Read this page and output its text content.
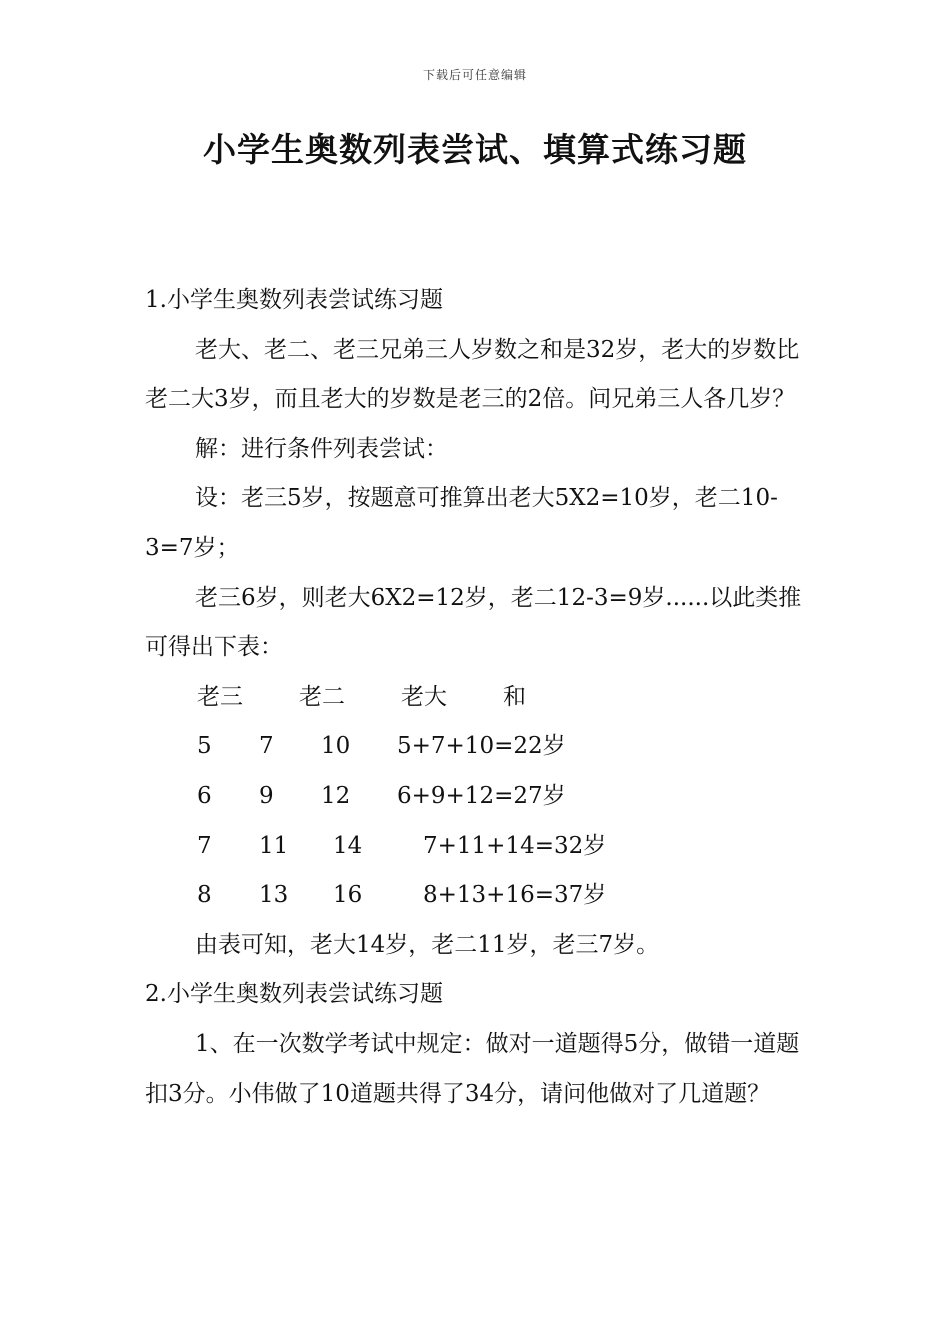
下载后可任意编辑
小学生奥数列表尝试、填算式练习题

1.小学生奥数列表尝试练习题

老大、老二、老三兄弟三人岁数之和是32岁，老大的岁数比老二大3岁，而且老大的岁数是老三的2倍。问兄弟三人各几岁？

解：进行条件列表尝试：

设：老三5岁，按题意可推算出老大5X2=10岁，老二10-3=7岁；

老三6岁，则老大6X2=12岁，老二12-3=9岁......以此类推可得出下表：

老三	老二	老大	和
5	7	10	5+7+10=22岁
6	9	12	6+9+12=27岁
7	11	14	7+11+14=32岁
8	13	16	8+13+16=37岁

由表可知，老大14岁，老二11岁，老三7岁。

2.小学生奥数列表尝试练习题

1、在一次数学考试中规定：做对一道题得5分，做错一道题扣3分。小伟做了10道题共得了34分，请问他做对了几道题？
